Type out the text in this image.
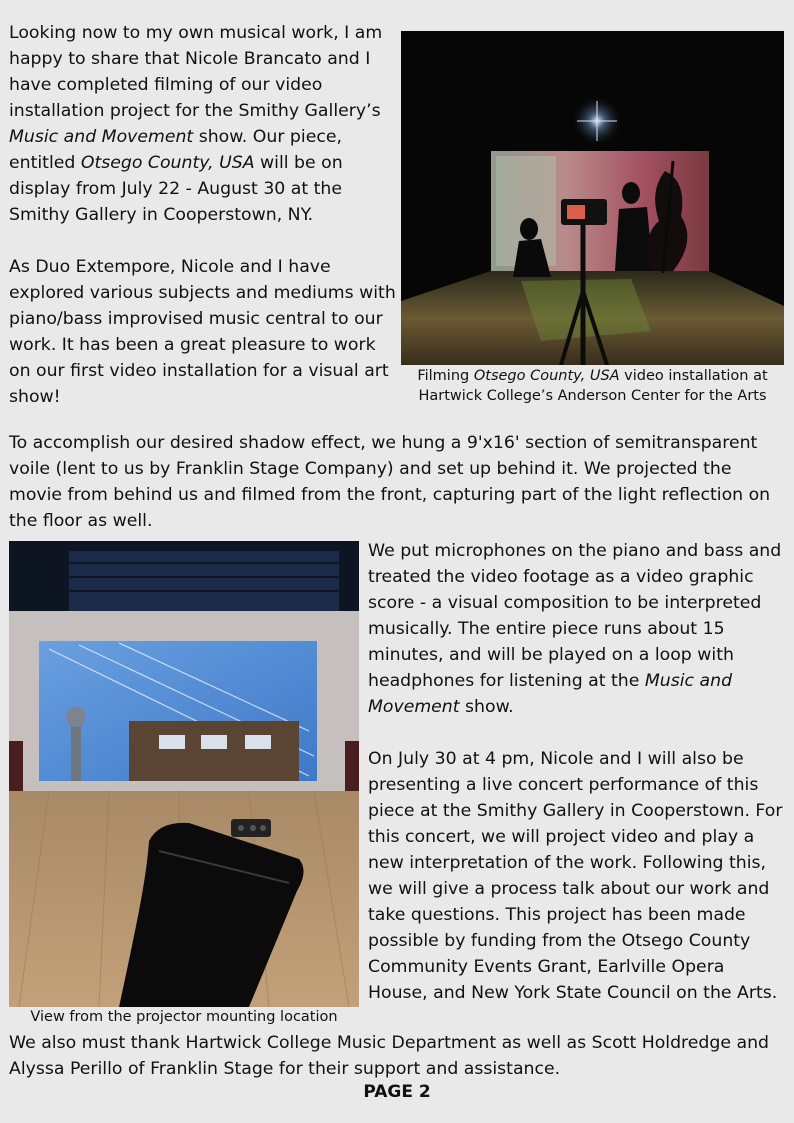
Looking now to my own musical work, I am happy to share that Nicole Brancato and I have completed filming of our video installation project for the Smithy Gallery’s Music and Movement show. Our piece, entitled Otsego County, USA will be on display from July 22 - August 30 at the Smithy Gallery in Cooperstown, NY.

As Duo Extempore, Nicole and I have explored various subjects and mediums with piano/bass improvised music central to our work. It has been a great pleasure to work on our first video installation for a visual art show!

Filming Otsego County, USA video installation at Hartwick College’s Anderson Center for the Arts

To accomplish our desired shadow effect, we hung a 9'x16' section of semitransparent voile (lent to us by Franklin Stage Company) and set up behind it. We projected the movie from behind us and filmed from the front, capturing part of the light reflection on the floor as well.

View from the projector mounting location

We put microphones on the piano and bass and treated the video footage as a video graphic score - a visual composition to be interpreted musically. The entire piece runs about 15 minutes, and will be played on a loop with headphones for listening at the Music and Movement show.

On July 30 at 4 pm, Nicole and I will also be presenting a live concert performance of this piece at the Smithy Gallery in Cooperstown. For this concert, we will project video and play a new interpretation of the work. Following this, we will give a process talk about our work and take questions. This project has been made possible by funding from the Otsego County Community Events Grant, Earlville Opera House, and New York State Council on the Arts.

We also must thank Hartwick College Music Department as well as Scott Holdredge and Alyssa Perillo of Franklin Stage for their support and assistance.

PAGE 2
